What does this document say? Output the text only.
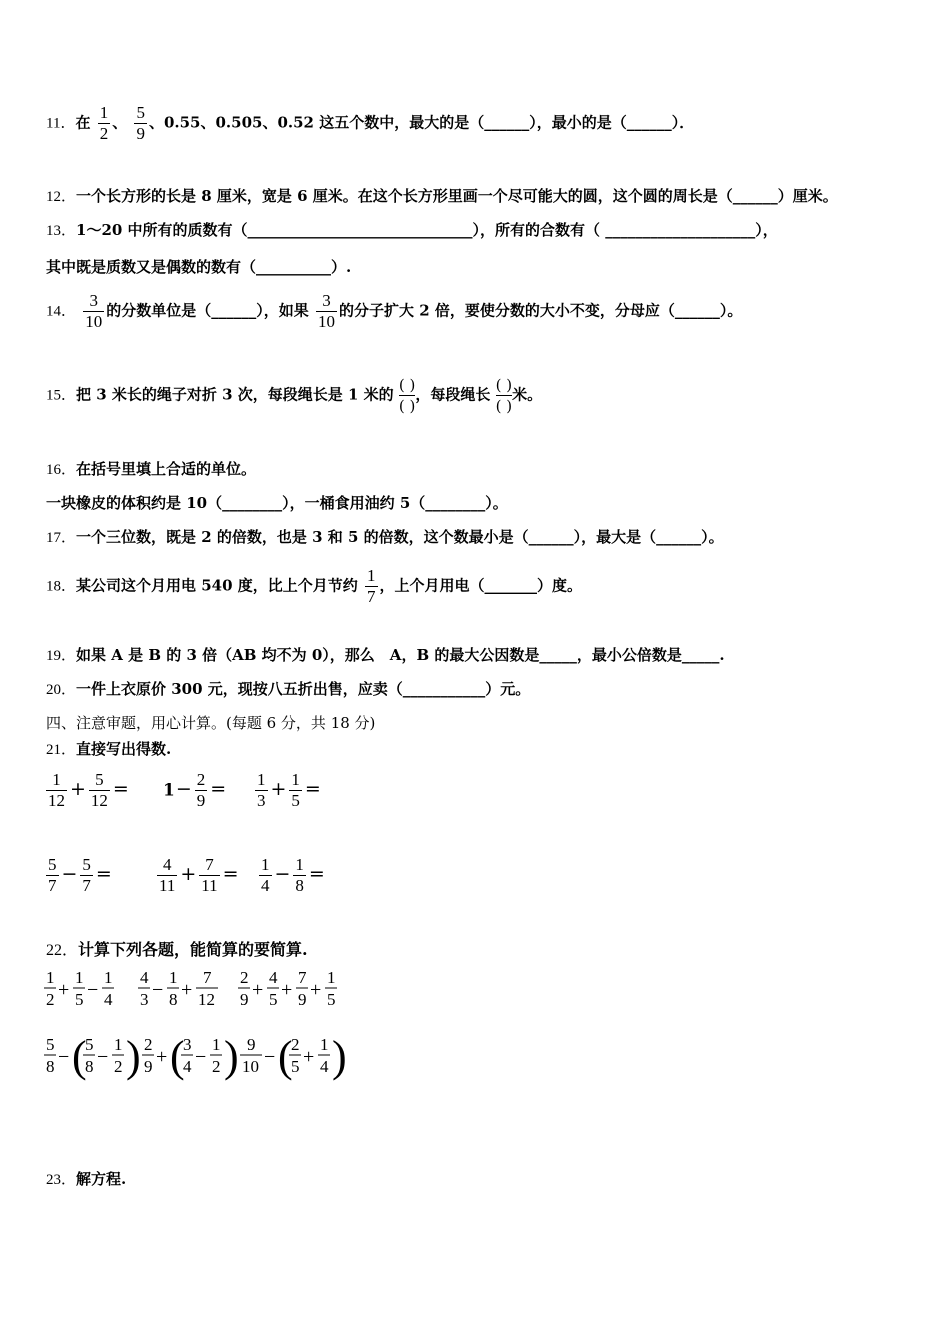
11．在 $\frac{1}{2}$ 、 $\frac{5}{9}$ 、0.55、0.505、0.52 这五个数中，最大的是（______），最小的是（______）．
12．一个长方形的长是 8 厘米，宽是 6 厘米。在这个长方形里画一个尽可能大的圆，这个圆的周长是（______）厘米。
13．1～20 中所有的质数有（______________________________），所有的合数有（ ____________________），
其中既是质数又是偶数的数有（__________）.
14． $\frac{3}{10}$ 的分数单位是（______），如果 $\frac{3}{10}$ 的分子扩大 2 倍，要使分数的大小不变，分母应（______）。
15．把 3 米长的绳子对折 3 次，每段绳长是 1 米的 $\frac{( )}{( )}$ ，每段绳长 $\frac{( )}{( )}$ 米。
16．在括号里填上合适的单位。
一块橡皮的体积约是 10（________），一桶食用油约 5（________）。
17．一个三位数，既是 2 的倍数，也是 3 和 5 的倍数，这个数最小是（______），最大是（______）。
18．某公司这个月用电 540 度，比上个月节约 $\frac{1}{7}$ ，上个月用电（_______）度。
19．如果 A 是 B 的 3 倍（AB 均不为 0），那么　A，B 的最大公因数是_____，最小公倍数是_____.
20．一件上衣原价 300 元，现按八五折出售，应卖（___________）元。
四、注意审题，用心计算。(每题 6 分，共 18 分)
21．直接写出得数.
$\frac{1}{12} + \frac{5}{12} = 1- \frac{2}{9} = \frac{1}{3} + \frac{1}{5}$ =
$\frac{5}{7} - \frac{5}{7}$ =	$\frac{4}{11} + \frac{7}{11} = \frac{1}{4} - \frac{1}{8}$ =
22．计算下列各题，能简算的要简算.
1
2 +
1
5 −
1
4
4
3 −
1
8 +
7
12
2
9 +
4
5 +
7
9 +
1
5
5
8 − (
5
8 −
1
2 ) 2
9 + (
3
4 −
1
2 ) 9
10 − (
2
5 +
1
4 )
23．解方程.
